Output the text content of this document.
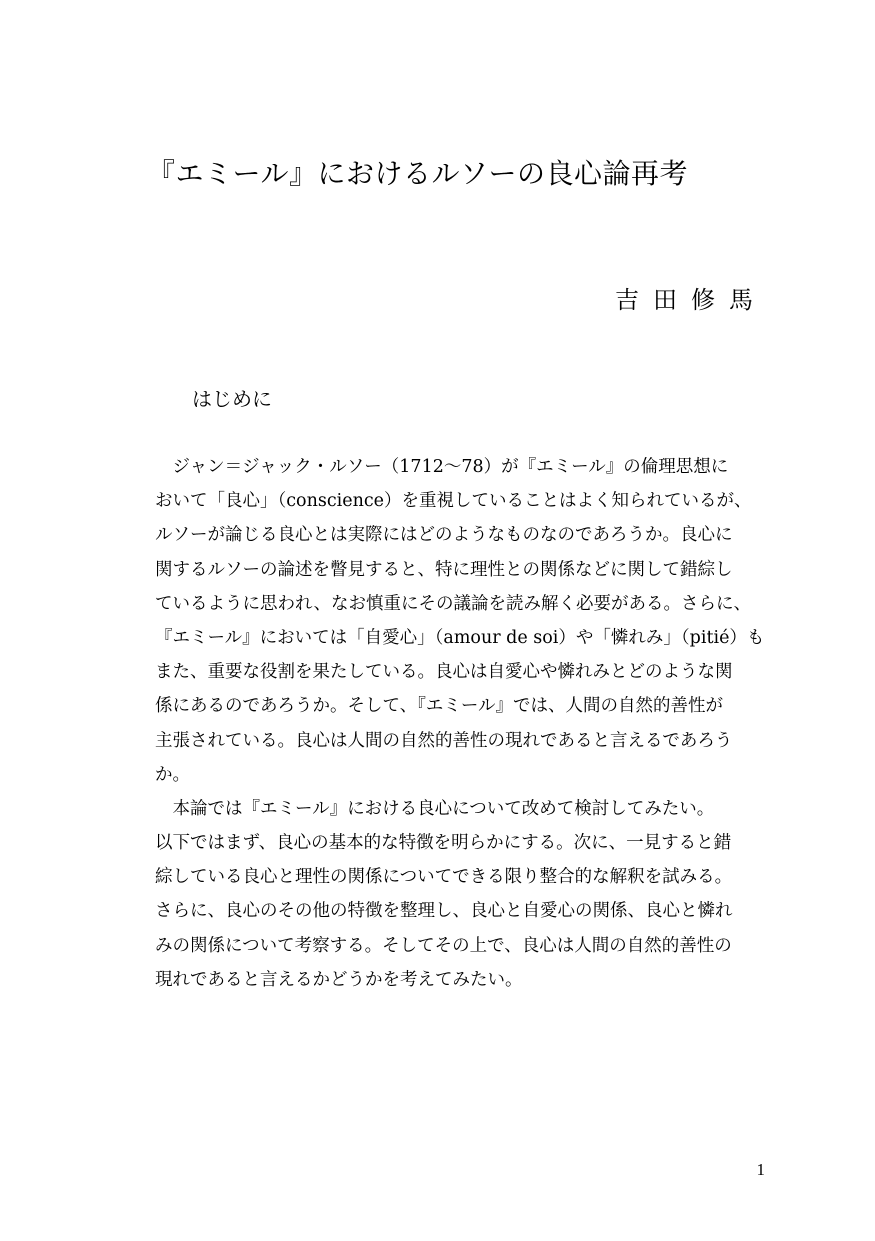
『エミール』におけるルソーの良心論再考
吉田修馬
はじめに
　ジャン＝ジャック・ルソー（1712～78）が『エミール』の倫理思想に
おいて「良心」（conscience）を重視していることはよく知られているが、
ルソーが論じる良心とは実際にはどのようなものなのであろうか。良心に
関するルソーの論述を瞥見すると、特に理性との関係などに関して錯綜し
ているように思われ、なお慎重にその議論を読み解く必要がある。さらに、
『エミール』においては「自愛心」（amour de soi）や「憐れみ」（pitié）も
また、重要な役割を果たしている。良心は自愛心や憐れみとどのような関
係にあるのであろうか。そして、『エミール』では、人間の自然的善性が
主張されている。良心は人間の自然的善性の現れであると言えるであろう
か。
　本論では『エミール』における良心について改めて検討してみたい。
以下ではまず、良心の基本的な特徴を明らかにする。次に、一見すると錯
綜している良心と理性の関係についてできる限り整合的な解釈を試みる。
さらに、良心のその他の特徴を整理し、良心と自愛心の関係、良心と憐れ
みの関係について考察する。そしてその上で、良心は人間の自然的善性の
現れであると言えるかどうかを考えてみたい。
1
